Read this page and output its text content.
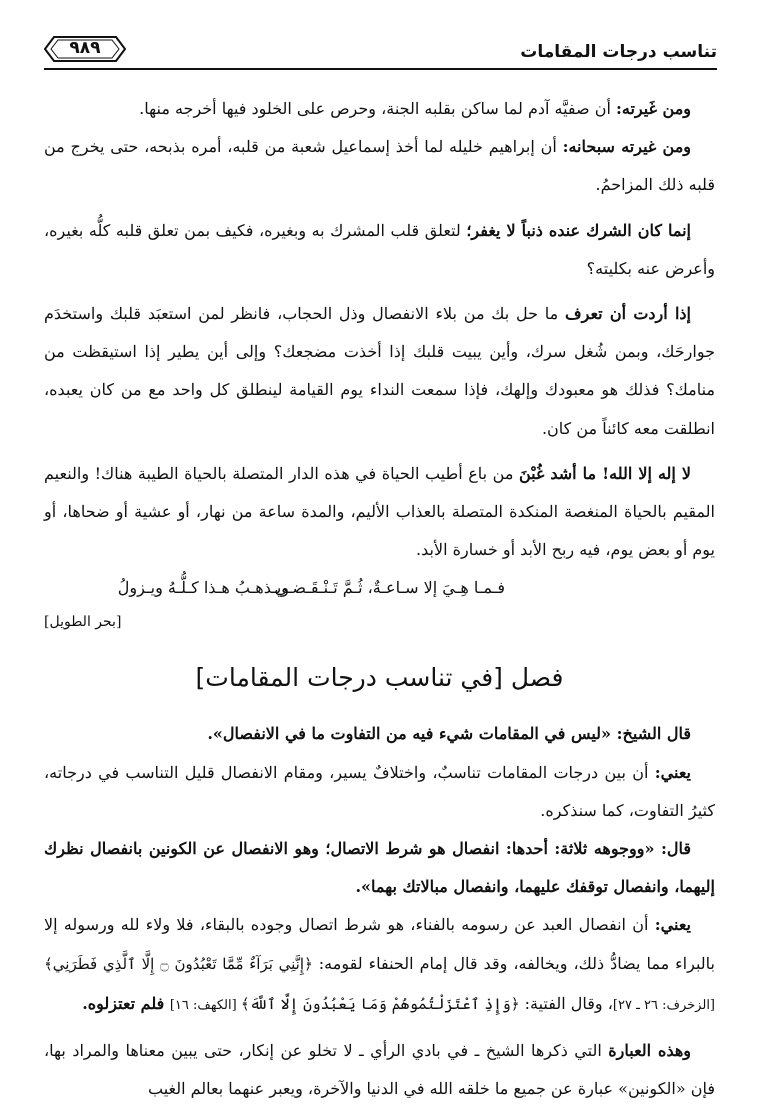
تناسب درجات المقامات
٩٨٩

ومن غَيرته: أن صفيَّه آدم لما ساكن بقلبه الجنة، وحرص على الخلود فيها أخرجه منها.

ومن غيرته سبحانه: أن إبراهيم خليله لما أخذ إسماعيل شعبة من قلبه، أمره بذبحه، حتى يخرج من قلبه ذلك المزاحمُ.

إنما كان الشرك عنده ذنباً لا يغفر؛ لتعلق قلب المشرك به وبغيره، فكيف بمن تعلق قلبه كلُّه بغيره، وأعرض عنه بكليته؟

إذا أردت أن تعرف ما حل بك من بلاء الانفصال وذل الحجاب، فانظر لمن استعبَد قلبك واستخدَم جوارحَك، وبمن شُغل سرك، وأين يبيت قلبك إذا أخذت مضجعك؟ وإلى أين يطير إذا استيقظت من منامك؟ فذلك هو معبودك وإلهك، فإذا سمعت النداء يوم القيامة لينطلق كل واحد مع من كان يعبده، انطلقت معه كائناً من كان.

لا إله إلا الله! ما أشد غُبْنَ من باع أطيب الحياة في هذه الدار المتصلة بالحياة الطيبة هناك! والنعيم المقيم بالحياة المنغصة المنكدة المتصلة بالعذاب الأليم، والمدة ساعة من نهار، أو عشية أو ضحاها، أو يوم أو بعض يوم، فيه ربح الأبد أو خسارة الأبد.

فـمـا هِـيَ إلا سـاعـةٌ، ثُـمَّ تَـنْـقَـضـي
ويـذهـبُ هـذا كـلُّـهُ ويـزولُ
[بحر الطويل]
فصل [في تناسب درجات المقامات]

قال الشيخ: «ليس في المقامات شيء فيه من التفاوت ما في الانفصال».

يعني: أن بين درجات المقامات تناسبٌ، واختلافٌ يسير، ومقام الانفصال قليل التناسب في درجاته، كثيرُ التفاوت، كما سنذكره.

قال: «ووجوهه ثلاثة: أحدها: انفصال هو شرط الاتصال؛ وهو الانفصال عن الكونين بانفصال نظرك إليهما، وانفصال توقفك عليهما، وانفصال مبالاتك بهما».

يعني: أن انفصال العبد عن رسومه بالفناء، هو شرط اتصال وجوده بالبقاء، فلا ولاء لله ورسوله إلا بالبراء مما يضادُّ ذلك، ويخالفه، وقد قال إمام الحنفاء لقومه: ﴿إِنَّنِي بَرَآءٌ مِّمَّا تَعْبُدُونَ ۝ إِلَّا ٱلَّذِي فَطَرَنِي﴾ [الزخرف: ٢٦ ـ ٢٧]، وقال الفتية: ﴿وَإِذِ ٱعْتَزَلْتُمُوهُمْ وَمَا يَعْبُدُونَ إِلَّا ٱللَّهَ﴾ [الكهف: ١٦] فلم تعتزلوه.

وهذه العبارة التي ذكرها الشيخ ـ في بادي الرأي ـ لا تخلو عن إنكار، حتى يبين معناها والمراد بها، فإن «الكونين» عبارة عن جميع ما خلقه الله في الدنيا والآخرة، ويعبر عنهما بعالم الغيب
